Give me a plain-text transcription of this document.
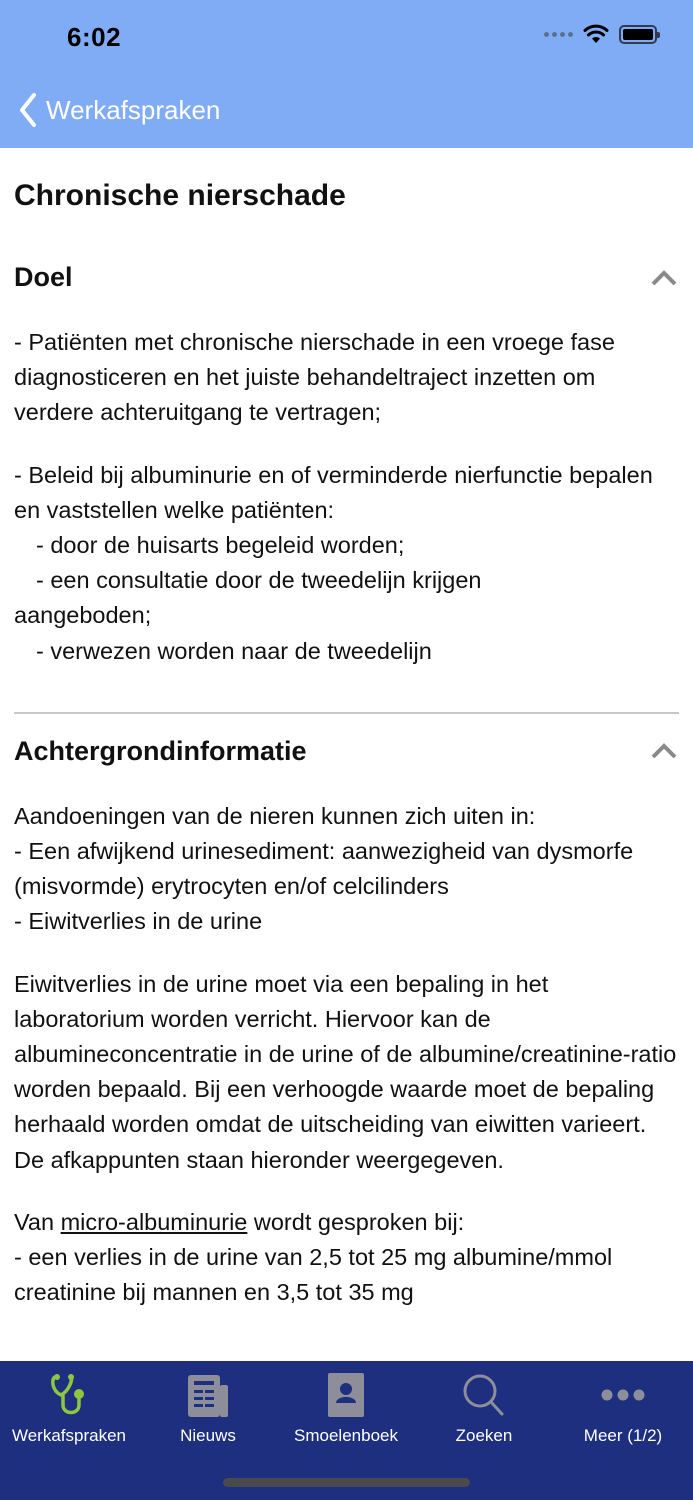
6:02
Werkafspraken
Chronische nierschade
Doel

- Patiënten met chronische nierschade in een vroege fase diagnosticeren en het juiste behandeltraject inzetten om verdere achteruitgang te vertragen;

- Beleid bij albuminurie en of verminderde nierfunctie bepalen en vaststellen welke patiënten:
- door de huisarts begeleid worden;
- een consultatie door de tweedelijn krijgen
aangeboden;
- verwezen worden naar de tweedelijn
Achtergrondinformatie
Aandoeningen van de nieren kunnen zich uiten in:
- Een afwijkend urinesediment: aanwezigheid van dysmorfe (misvormde) erytrocyten en/of celcilinders
- Eiwitverlies in de urine

Eiwitverlies in de urine moet via een bepaling in het laboratorium worden verricht. Hiervoor kan de albumineconcentratie in de urine of de albumine/creatinine-ratio worden bepaald. Bij een verhoogde waarde moet de bepaling herhaald worden omdat de uitscheiding van eiwitten varieert. De afkappunten staan hieronder weergegeven.

Van micro-albuminurie wordt gesproken bij:
- een verlies in de urine van 2,5 tot 25 mg albumine/mmol creatinine bij mannen en 3,5 tot 35 mg
Werkafspraken	Nieuws	Smoelenboek	Zoeken	Meer (1/2)
